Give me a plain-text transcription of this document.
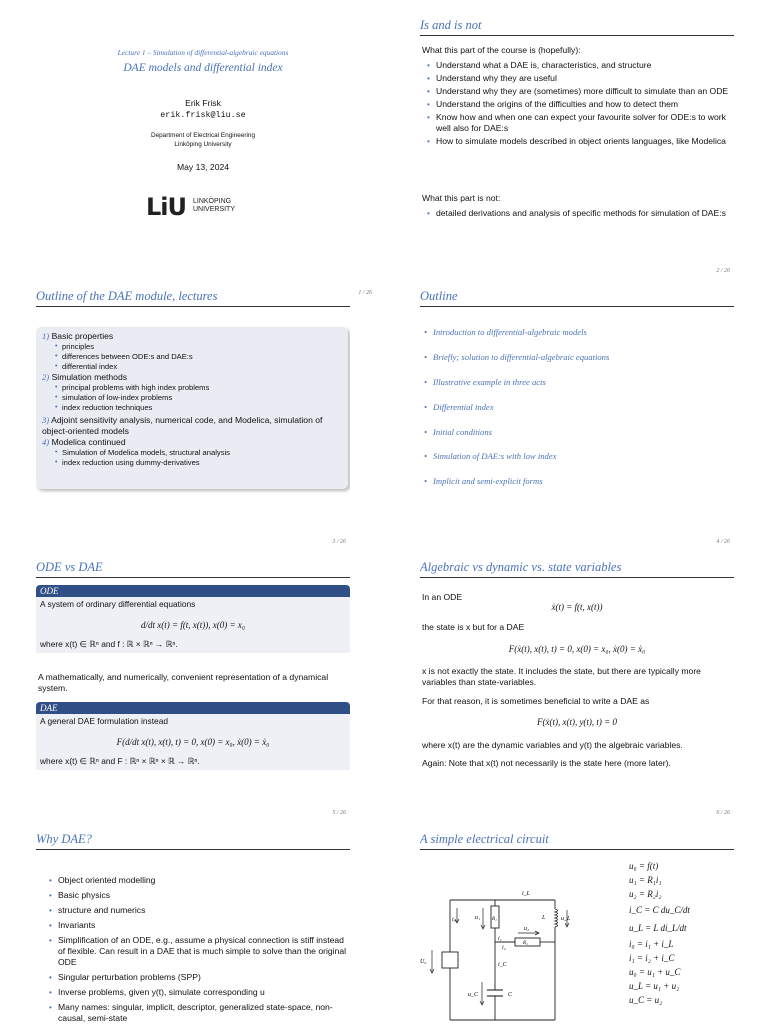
Lecture 1 – Simulation of differential-algebraic equations
DAE models and differential index
Erik Frisk
erik.frisk@liu.se
Department of Electrical Engineering
Linköping University
May 13, 2024
LiU LINKÖPING
UNIVERSITY
1 / 26
Is and is not
What this part of the course is (hopefully):
• Understand what a DAE is, characteristics, and structure
• Understand why they are useful
• Understand why they are (sometimes) more difficult to simulate than an ODE
• Understand the origins of the difficulties and how to detect them
• Know how and when one can expect your favourite solver for ODE:s to work well also for DAE:s
• How to simulate models described in object orients languages, like Modelica
What this part is not:
• detailed derivations and analysis of specific methods for simulation of DAE:s
2 / 26
Outline of the DAE module, lectures
1) Basic properties
• principles
• differences between ODE:s and DAE:s
• differential index
2) Simulation methods
• principal problems with high index problems
• simulation of low-index problems
• index reduction techniques
3) Adjoint sensitivity analysis, numerical code, and Modelica, simulation of object-oriented models
4) Modelica continued
• Simulation of Modelica models, structural analysis
• index reduction using dummy-derivatives
3 / 26
Outline
• Introduction to differential-algebraic models
• Briefly; solution to differential-algebraic equations
• Illustrative example in three acts
• Differential index
• Initial conditions
• Simulation of DAE:s with low index
• Implicit and semi-explicit forms
4 / 26
ODE vs DAE
ODE
A system of ordinary differential equations
d/dt x(t) = f(t, x(t)), x(0) = x₀
where x(t) ∈ ℝⁿ and f : ℝ × ℝⁿ → ℝⁿ.
A mathematically, and numerically, convenient representation of a dynamical system.
DAE
A general DAE formulation instead
F(d/dt x(t), x(t), t) = 0, x(0) = x₀, ẋ(0) = ẋ₀
where x(t) ∈ ℝⁿ and F : ℝⁿ × ℝⁿ × ℝ → ℝⁿ.
5 / 26
Algebraic vs dynamic vs. state variables
In an ODE
ẋ(t) = f(t, x(t))
the state is x but for a DAE
F(ẋ(t), x(t), t) = 0, x(0) = x₀, ẋ(0) = ẋ₀
x is not exactly the state. It includes the state, but there are typically more variables than state-variables.
For that reason, it is sometimes beneficial to write a DAE as
F(ẋ(t), x(t), y(t), t) = 0
where x(t) are the dynamic variables and y(t) the algebraic variables.
Again: Note that x(t) not necessarily is the state here (more later).
6 / 26
Why DAE?
• Object oriented modelling
• Basic physics
• structure and numerics
• Invariants
• Simplification of an ODE, e.g., assume a physical connection is stiff instead of flexible. Can result in a DAE that is much simple to solve than the original ODE
• Singular perturbation problems (SPP)
• Inverse problems, given y(t), simulate corresponding u
• Many names: singular, implicit, descriptor, generalized state-space, non-causal, semi-state
A simple electrical circuit
U₀
i₀	u₁ R₁
i₁
i_L
L	u_L
u₂
R₂
i₂
i_C
u_C	C
u₀ = f(t)
u₁ = R₁i₁
u₂ = R₂i₂
i_C = C du_C/dt
u_L = L di_L/dt
i₀ = i₁ + i_L
i₁ = i₂ + i_C
u₀ = u₁ + u_C
u_L = u₁ + u₂
u_C = u₂
